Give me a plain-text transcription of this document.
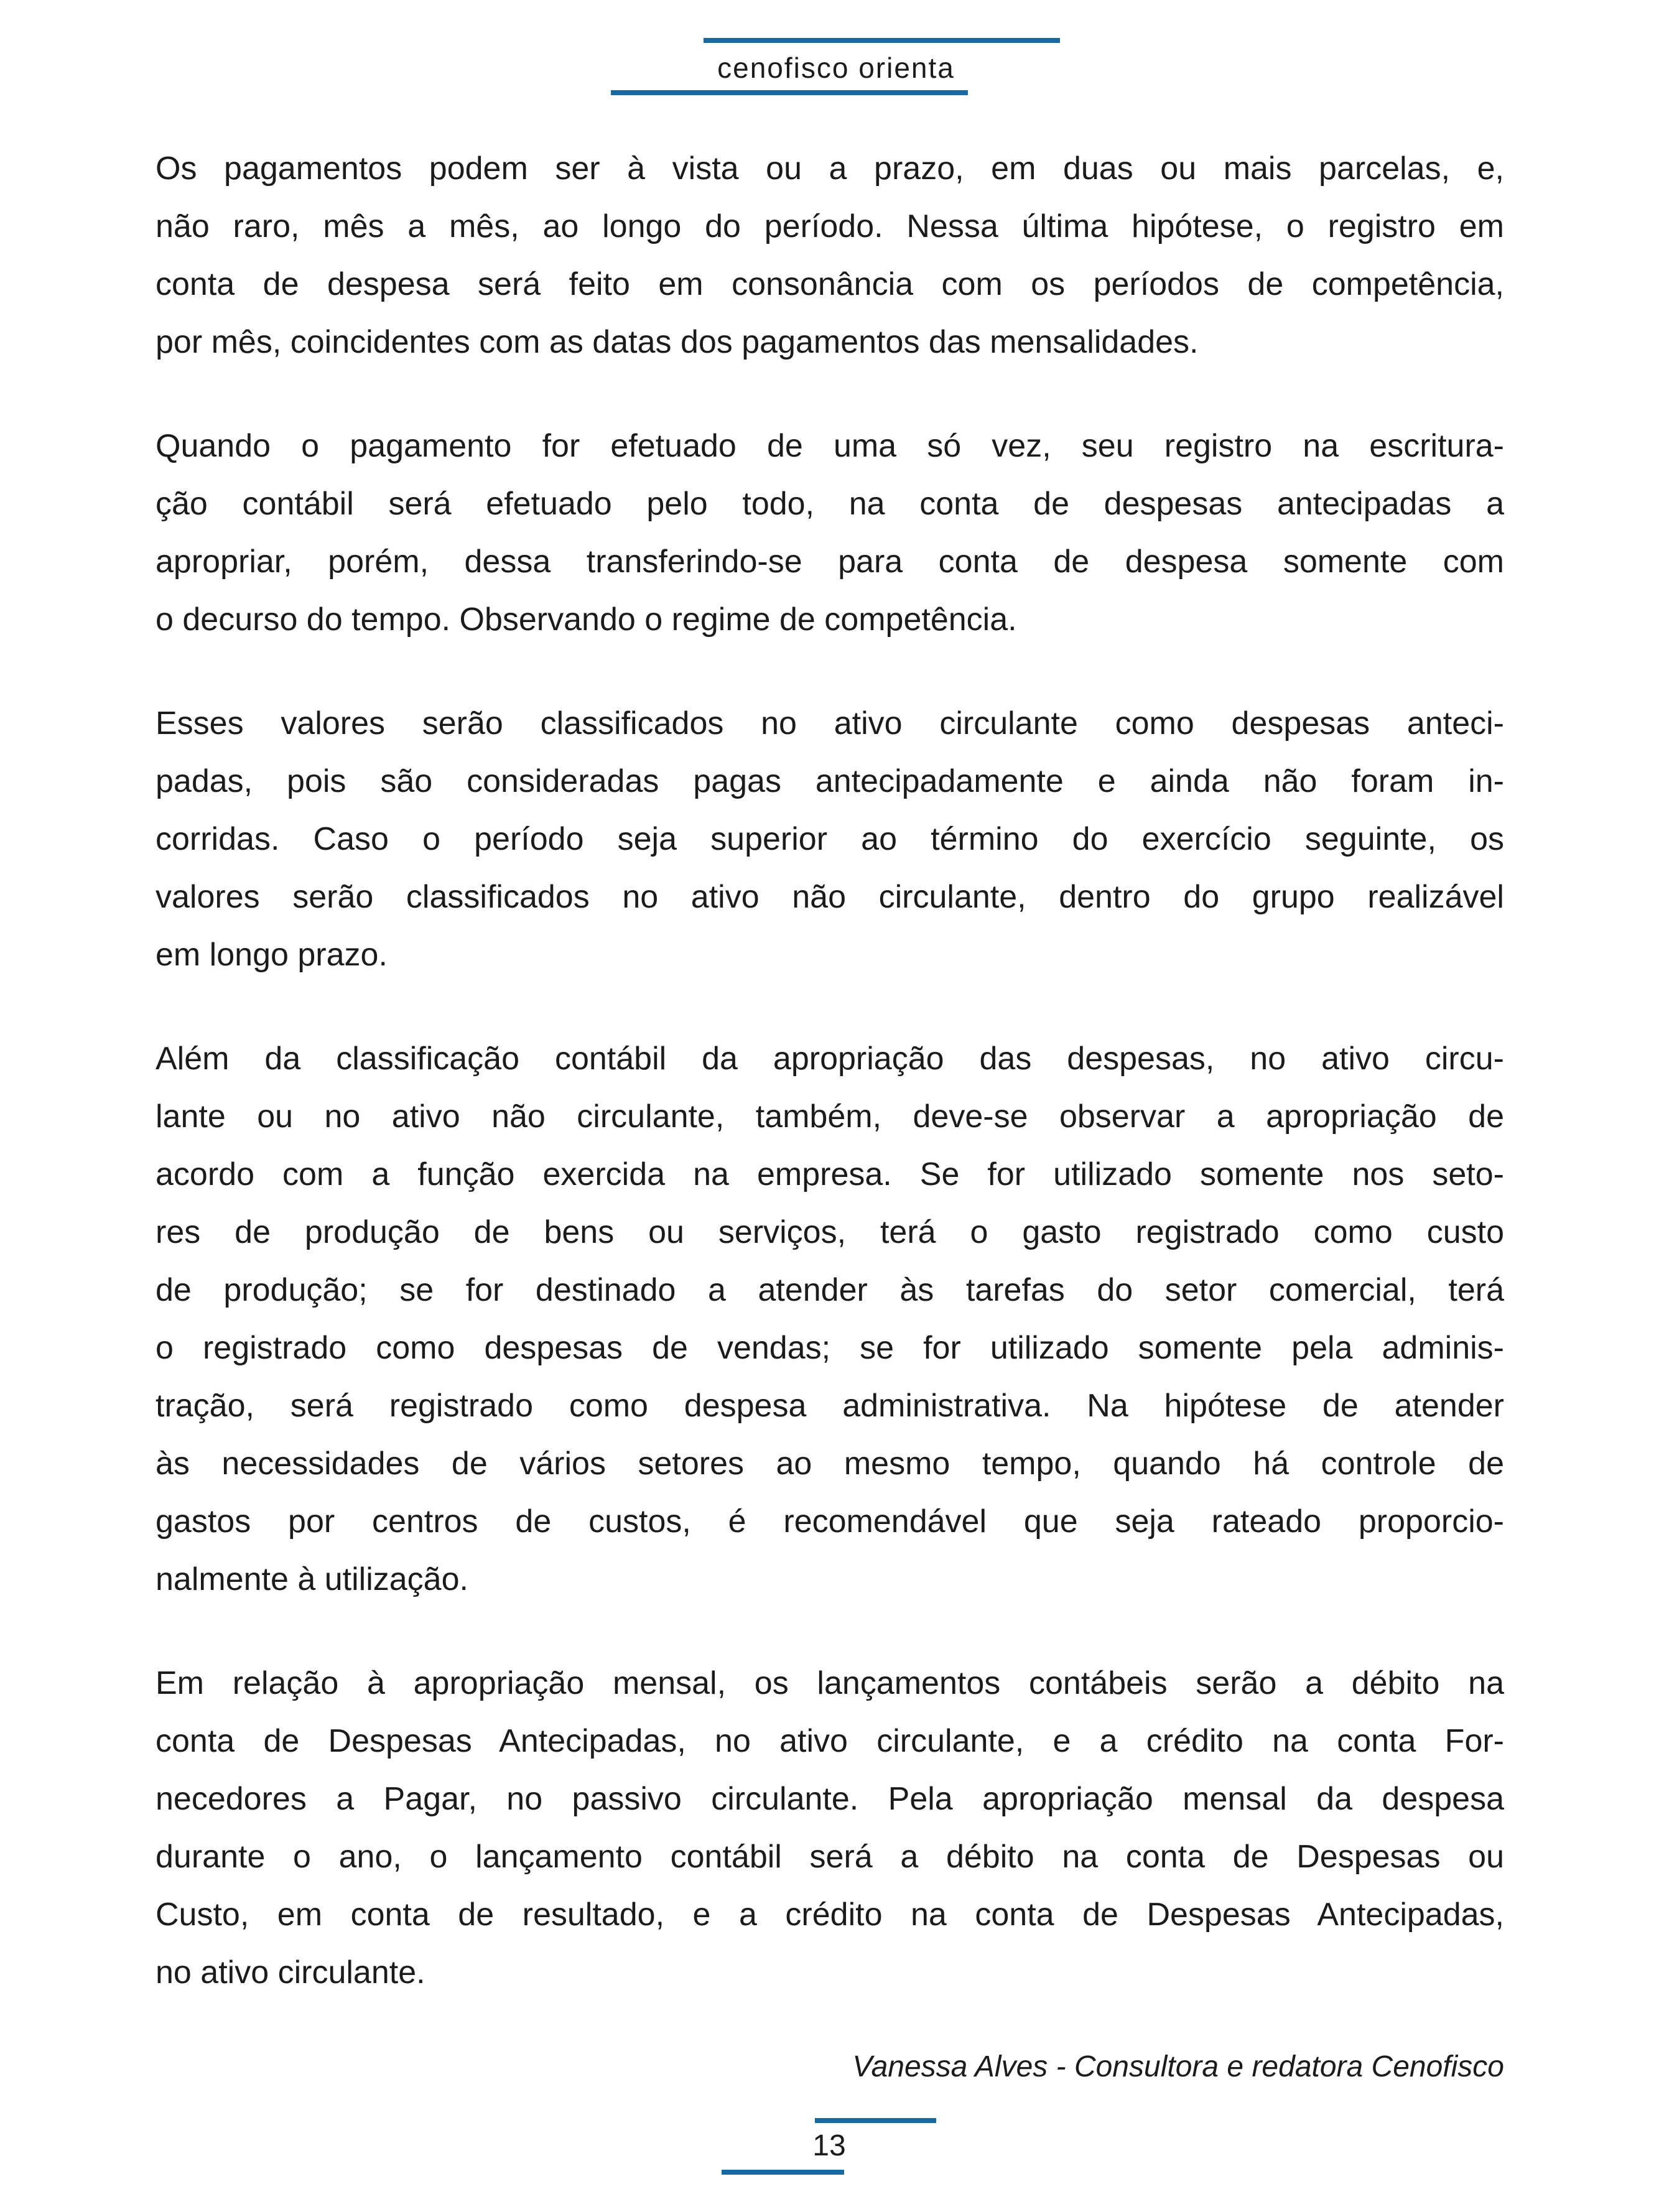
cenofisco orienta

Os pagamentos podem ser à vista ou a prazo, em duas ou mais parcelas, e,
não raro, mês a mês, ao longo do período. Nessa última hipótese, o registro em
conta de despesa será feito em consonância com os períodos de competência,
por mês, coincidentes com as datas dos pagamentos das mensalidades.

Quando o pagamento for efetuado de uma só vez, seu registro na escritura-
ção contábil será efetuado pelo todo, na conta de despesas antecipadas a
apropriar, porém, dessa transferindo-se para conta de despesa somente com
o decurso do tempo. Observando o regime de competência.

Esses valores serão classificados no ativo circulante como despesas anteci-
padas, pois são consideradas pagas antecipadamente e ainda não foram in-
corridas. Caso o período seja superior ao término do exercício seguinte, os
valores serão classificados no ativo não circulante, dentro do grupo realizável
em longo prazo.

Além da classificação contábil da apropriação das despesas, no ativo circu-
lante ou no ativo não circulante, também, deve-se observar a apropriação de
acordo com a função exercida na empresa. Se for utilizado somente nos seto-
res de produção de bens ou serviços, terá o gasto registrado como custo
de produção; se for destinado a atender às tarefas do setor comercial, terá
o registrado como despesas de vendas; se for utilizado somente pela adminis-
tração, será registrado como despesa administrativa. Na hipótese de atender
às necessidades de vários setores ao mesmo tempo, quando há controle de
gastos por centros de custos, é recomendável que seja rateado proporcio-
nalmente à utilização.

Em relação à apropriação mensal, os lançamentos contábeis serão a débito na
conta de Despesas Antecipadas, no ativo circulante, e a crédito na conta For-
necedores a Pagar, no passivo circulante. Pela apropriação mensal da despesa
durante o ano, o lançamento contábil será a débito na conta de Despesas ou
Custo, em conta de resultado, e a crédito na conta de Despesas Antecipadas,
no ativo circulante.

Vanessa Alves - Consultora e redatora Cenofisco
13
